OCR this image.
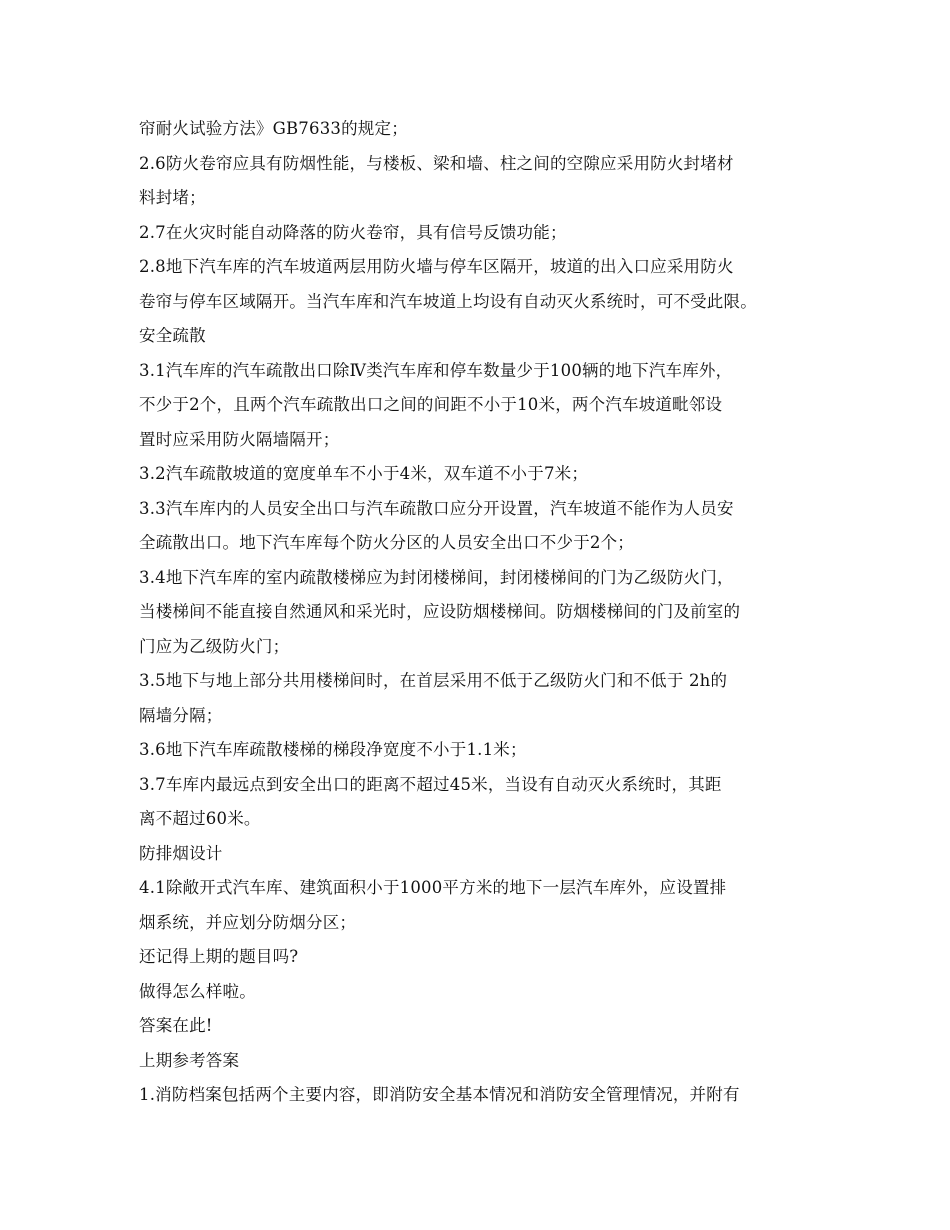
帘耐火试验方法》GB7633的规定；
2.6防火卷帘应具有防烟性能，与楼板、梁和墙、柱之间的空隙应采用防火封堵材
料封堵；
2.7在火灾时能自动降落的防火卷帘，具有信号反馈功能；
2.8地下汽车库的汽车坡道两层用防火墙与停车区隔开，坡道的出入口应采用防火
卷帘与停车区域隔开。当汽车库和汽车坡道上均设有自动灭火系统时，可不受此限。
安全疏散
3.1汽车库的汽车疏散出口除Ⅳ类汽车库和停车数量少于100辆的地下汽车库外，
不少于2个，且两个汽车疏散出口之间的间距不小于10米，两个汽车坡道毗邻设
置时应采用防火隔墙隔开；
3.2汽车疏散坡道的宽度单车不小于4米，双车道不小于7米；
3.3汽车库内的人员安全出口与汽车疏散口应分开设置，汽车坡道不能作为人员安
全疏散出口。地下汽车库每个防火分区的人员安全出口不少于2个；
3.4地下汽车库的室内疏散楼梯应为封闭楼梯间，封闭楼梯间的门为乙级防火门，
当楼梯间不能直接自然通风和采光时，应设防烟楼梯间。防烟楼梯间的门及前室的
门应为乙级防火门；
3.5地下与地上部分共用楼梯间时，在首层采用不低于乙级防火门和不低于 2h的
隔墙分隔；
3.6地下汽车库疏散楼梯的梯段净宽度不小于1.1米；
3.7车库内最远点到安全出口的距离不超过45米，当设有自动灭火系统时，其距
离不超过60米。
防排烟设计
4.1除敞开式汽车库、建筑面积小于1000平方米的地下一层汽车库外，应设置排
烟系统，并应划分防烟分区；
还记得上期的题目吗?
做得怎么样啦。
答案在此!
上期参考答案
1.消防档案包括两个主要内容，即消防安全基本情况和消防安全管理情况，并附有
